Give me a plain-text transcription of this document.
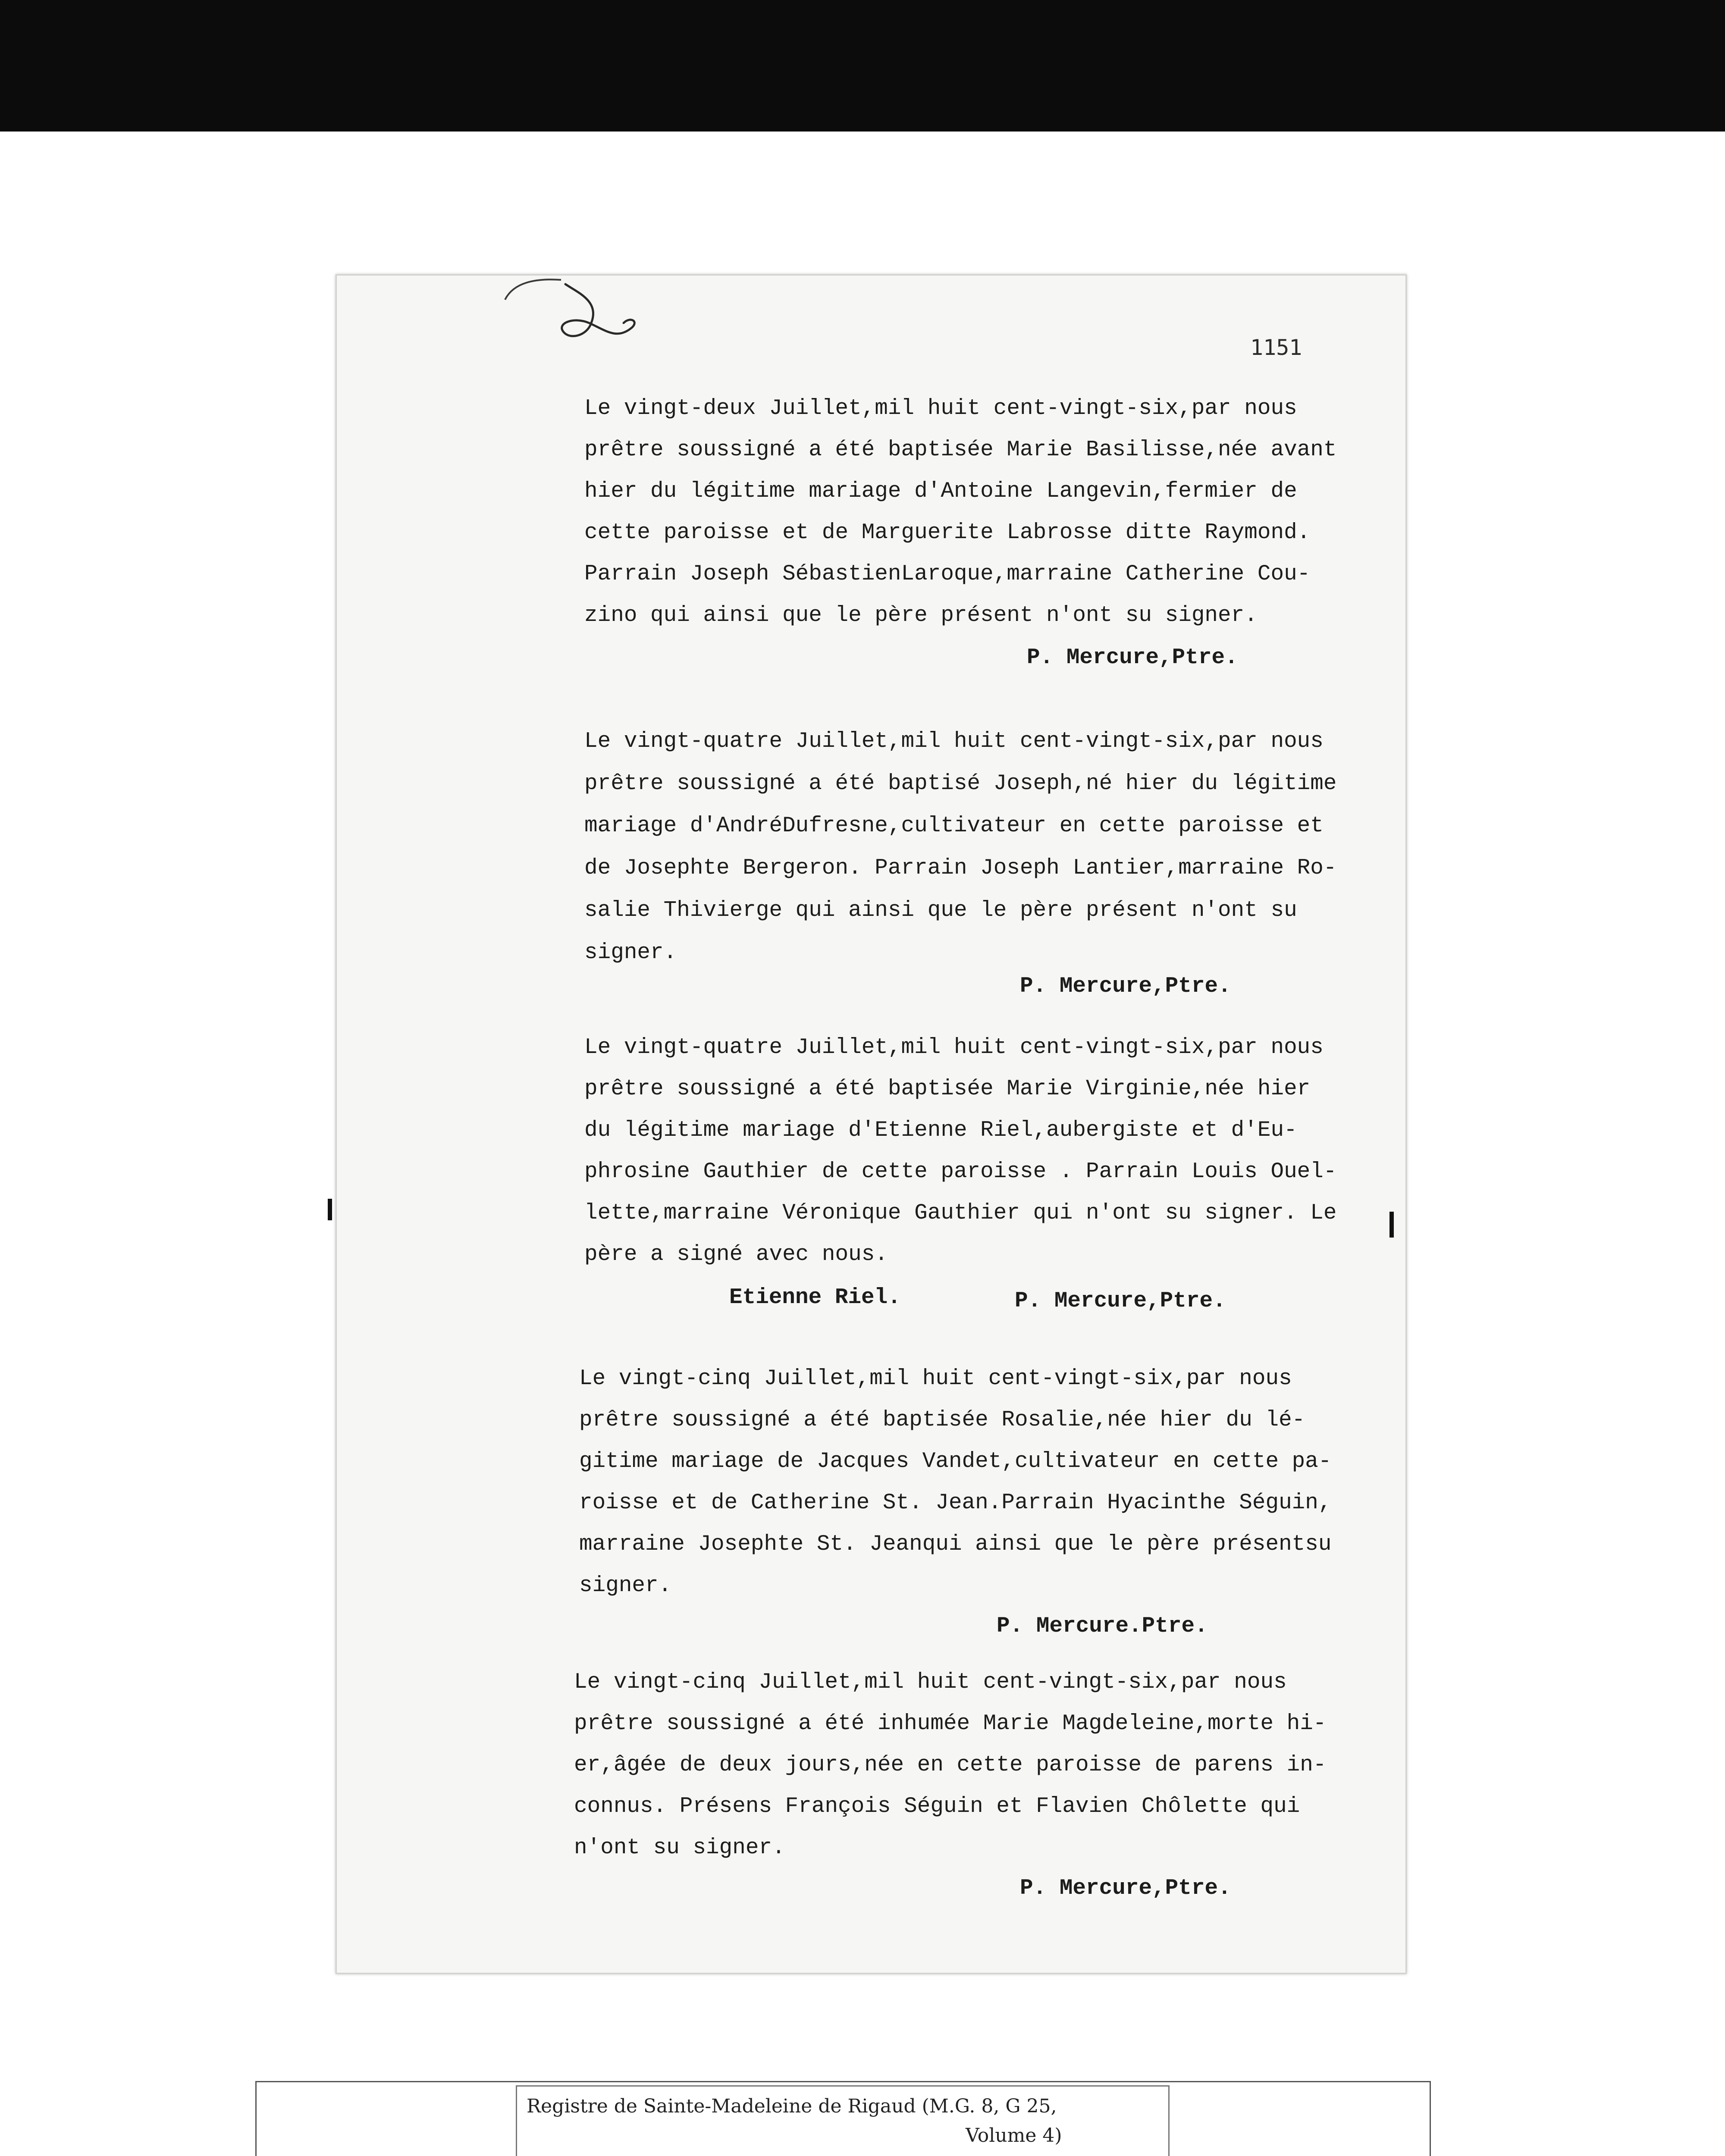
1151
Le vingt-deux Juillet,mil huit cent-vingt-six,par nous
prêtre soussigné a été baptisée Marie Basilisse,née avant
hier du légitime mariage d'Antoine Langevin,fermier de
cette paroisse et de Marguerite Labrosse ditte Raymond.
Parrain Joseph SébastienLaroque,marraine Catherine Cou-
zino qui ainsi que le père présent n'ont su signer.
P. Mercure,Ptre.
Le vingt-quatre Juillet,mil huit cent-vingt-six,par nous
prêtre soussigné a été baptisé Joseph,né hier du légitime
mariage d'AndréDufresne,cultivateur en cette paroisse et
de Josephte Bergeron. Parrain Joseph Lantier,marraine Ro-
salie Thivierge qui ainsi que le père présent n'ont su
signer.
P. Mercure,Ptre.
Le vingt-quatre Juillet,mil huit cent-vingt-six,par nous
prêtre soussigné a été baptisée Marie Virginie,née hier
du légitime mariage d'Etienne Riel,aubergiste et d'Eu-
phrosine Gauthier de cette paroisse . Parrain Louis Ouel-
lette,marraine Véronique Gauthier qui n'ont su signer. Le
père a signé avec nous.
Etienne Riel.	P. Mercure,Ptre.
Le vingt-cinq Juillet,mil huit cent-vingt-six,par nous
prêtre soussigné a été baptisée Rosalie,née hier du lé-
gitime mariage de Jacques Vandet,cultivateur en cette pa-
roisse et de Catherine St. Jean.Parrain Hyacinthe Séguin,
marraine Josephte St. Jeanqui ainsi que le père présentsu
signer.
P. Mercure.Ptre.
Le vingt-cinq Juillet,mil huit cent-vingt-six,par nous
prêtre soussigné a été inhumée Marie Magdeleine,morte hi-
er,âgée de deux jours,née en cette paroisse de parens in-
connus. Présens François Séguin et Flavien Chôlette qui
n'ont su signer.
P. Mercure,Ptre.
Registre de Sainte-Madeleine de Rigaud (M.G. 8, G 25,
Volume 4)
